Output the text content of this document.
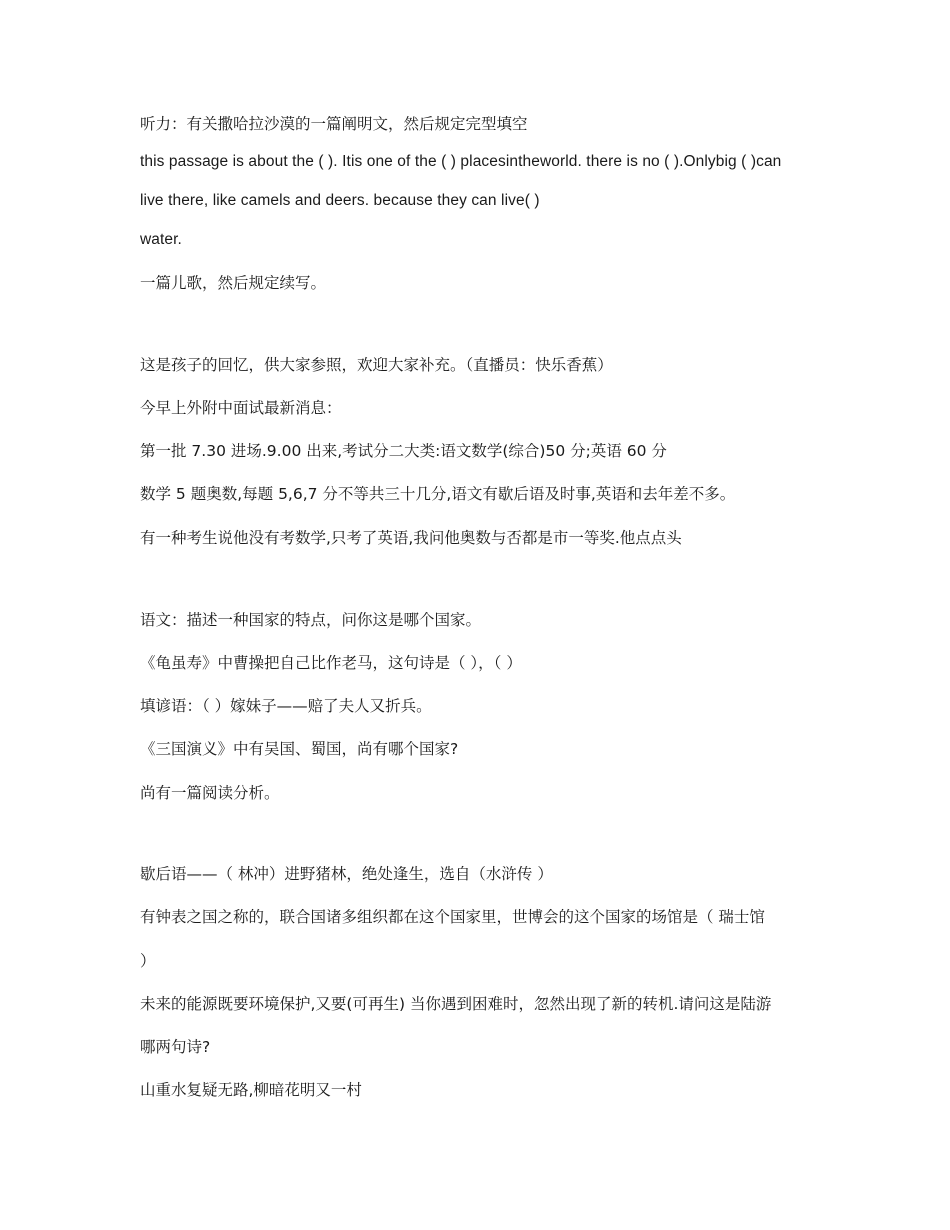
听力：有关撒哈拉沙漠的一篇阐明文，然后规定完型填空
this passage is about the ( ). Itis one of the ( ) placesintheworld. there is no ( ).Onlybig ( )can
live there, like camels and deers. because they can live( )
water.
一篇儿歌，然后规定续写。
这是孩子的回忆，供大家参照，欢迎大家补充。（直播员：快乐香蕉）
今早上外附中面试最新消息：
第一批 7.30 进场.9.00 出来,考试分二大类:语文数学(综合)50 分;英语 60 分
数学 5 题奥数,每题 5,6,7 分不等共三十几分,语文有歇后语及时事,英语和去年差不多。
有一种考生说他没有考数学,只考了英语,我问他奥数与否都是市一等奖.他点点头
语文：描述一种国家的特点，问你这是哪个国家。
《龟虽寿》中曹操把自己比作老马，这句诗是（ ），（ ）
填谚语：（ ）嫁妹子——赔了夫人又折兵。
《三国演义》中有吴国、蜀国，尚有哪个国家?
尚有一篇阅读分析。
歇后语——（ 林冲）进野猪林，绝处逢生，选自（水浒传 ）
有钟表之国之称的，联合国诸多组织都在这个国家里，世博会的这个国家的场馆是（ 瑞士馆
）
未来的能源既要环境保护,又要(可再生) 当你遇到困难时，忽然出现了新的转机.请问这是陆游
哪两句诗?
山重水复疑无路,柳暗花明又一村
